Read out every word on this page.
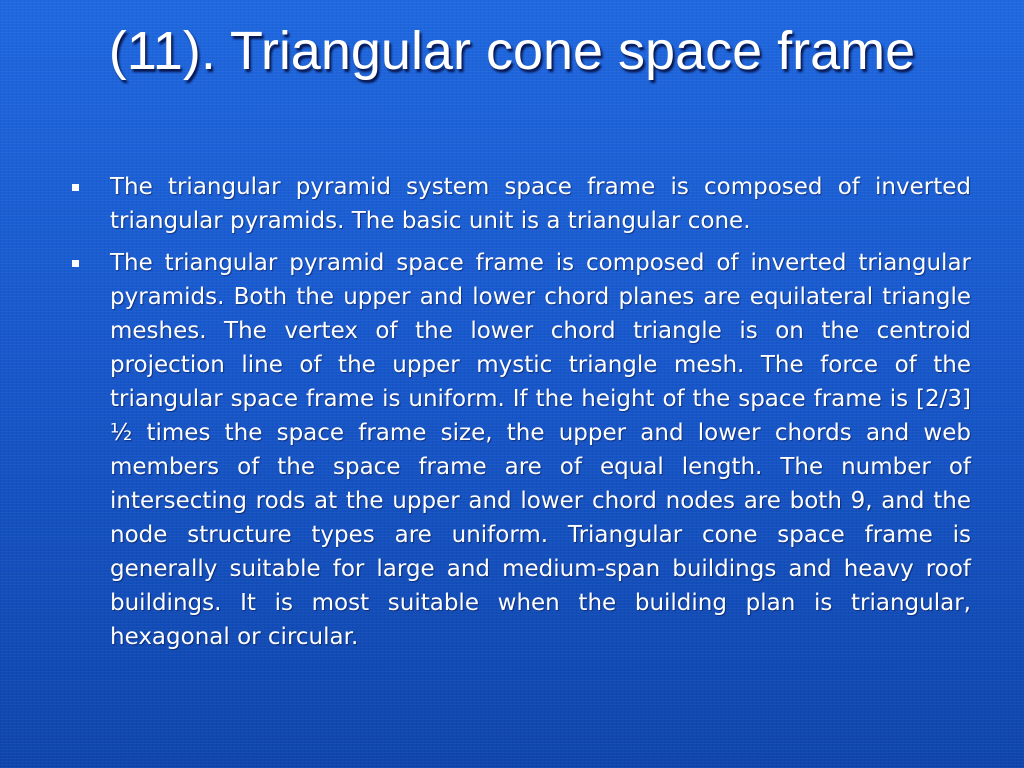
(11). Triangular cone space frame
The triangular pyramid system space frame is composed of inverted triangular pyramids. The basic unit is a triangular cone.
The triangular pyramid space frame is composed of inverted triangular pyramids. Both the upper and lower chord planes are equilateral triangle meshes. The vertex of the lower chord triangle is on the centroid projection line of the upper mystic triangle mesh. The force of the triangular space frame is uniform. If the height of the space frame is [2/3] ½ times the space frame size, the upper and lower chords and web members of the space frame are of equal length. The number of intersecting rods at the upper and lower chord nodes are both 9, and the node structure types are uniform. Triangular cone space frame is generally suitable for large and medium-span buildings and heavy roof buildings. It is most suitable when the building plan is triangular, hexagonal or circular.
